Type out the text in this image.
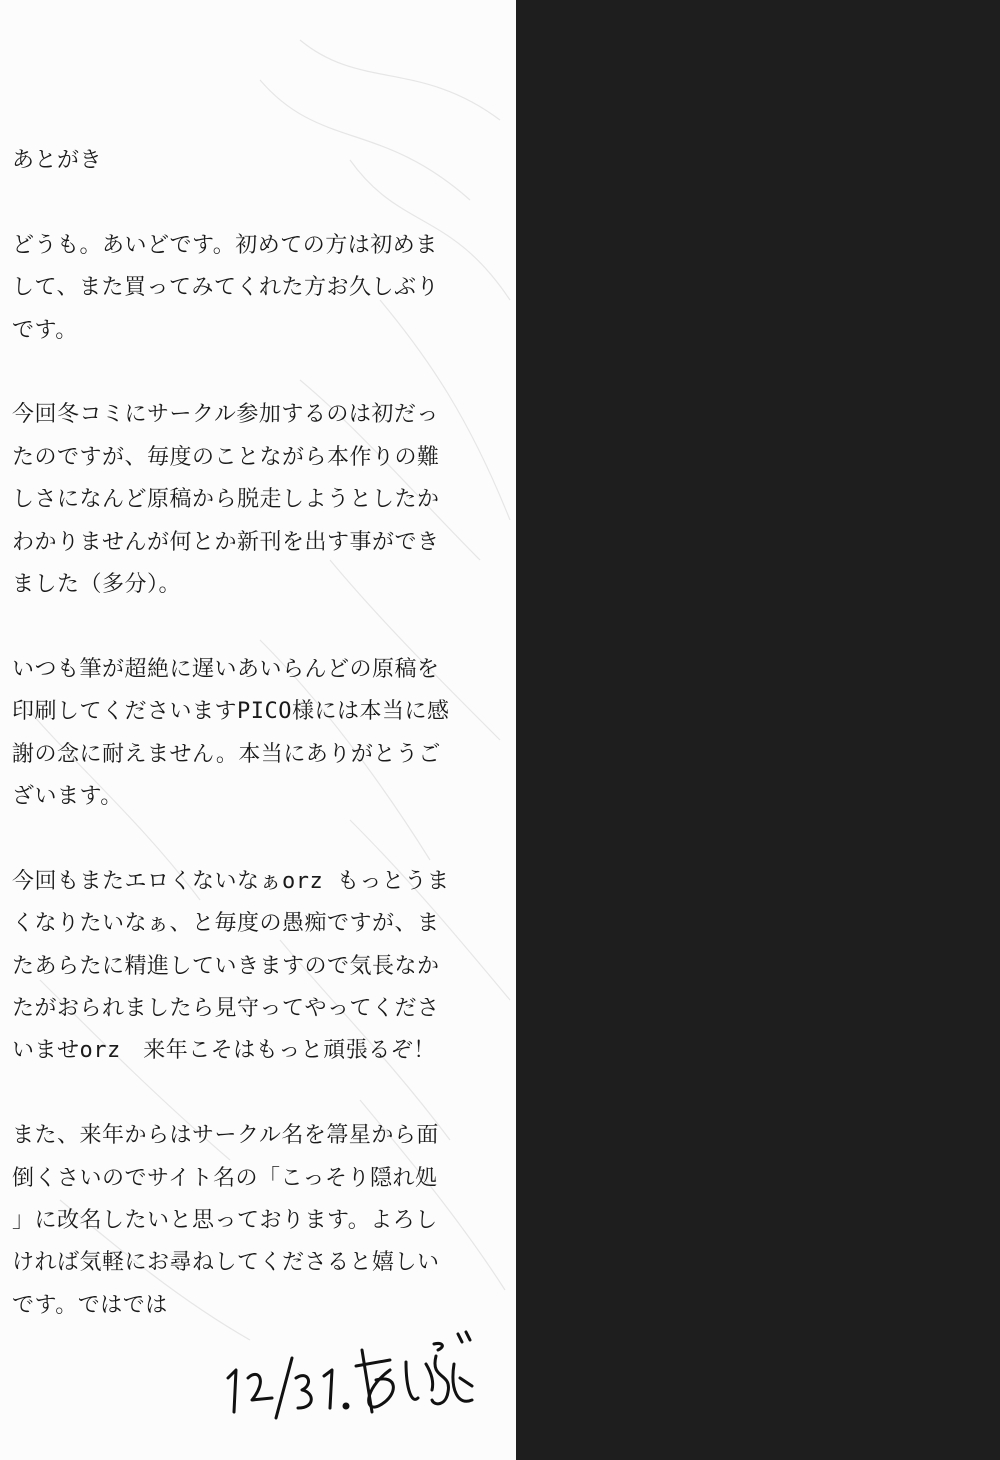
あとがき
どうも。あいどです。初めての方は初めま
して、また買ってみてくれた方お久しぶり
です。
今回冬コミにサークル参加するのは初だっ
たのですが、毎度のことながら本作りの難
しさになんど原稿から脱走しようとしたか
わかりませんが何とか新刊を出す事ができ
ました（多分）。
いつも筆が超絶に遅いあいらんどの原稿を
印刷してくださいますPICO様には本当に感
謝の念に耐えません。本当にありがとうご
ざいます。
今回もまたエロくないなぁorz もっとうま
くなりたいなぁ、と毎度の愚痴ですが、ま
たあらたに精進していきますので気長なか
たがおられましたら見守ってやってくださ
いませorz　来年こそはもっと頑張るぞ！
また、来年からはサークル名を箒星から面
倒くさいのでサイト名の「こっそり隠れ処
」に改名したいと思っております。よろし
ければ気軽にお尋ねしてくださると嬉しい
です。ではでは
